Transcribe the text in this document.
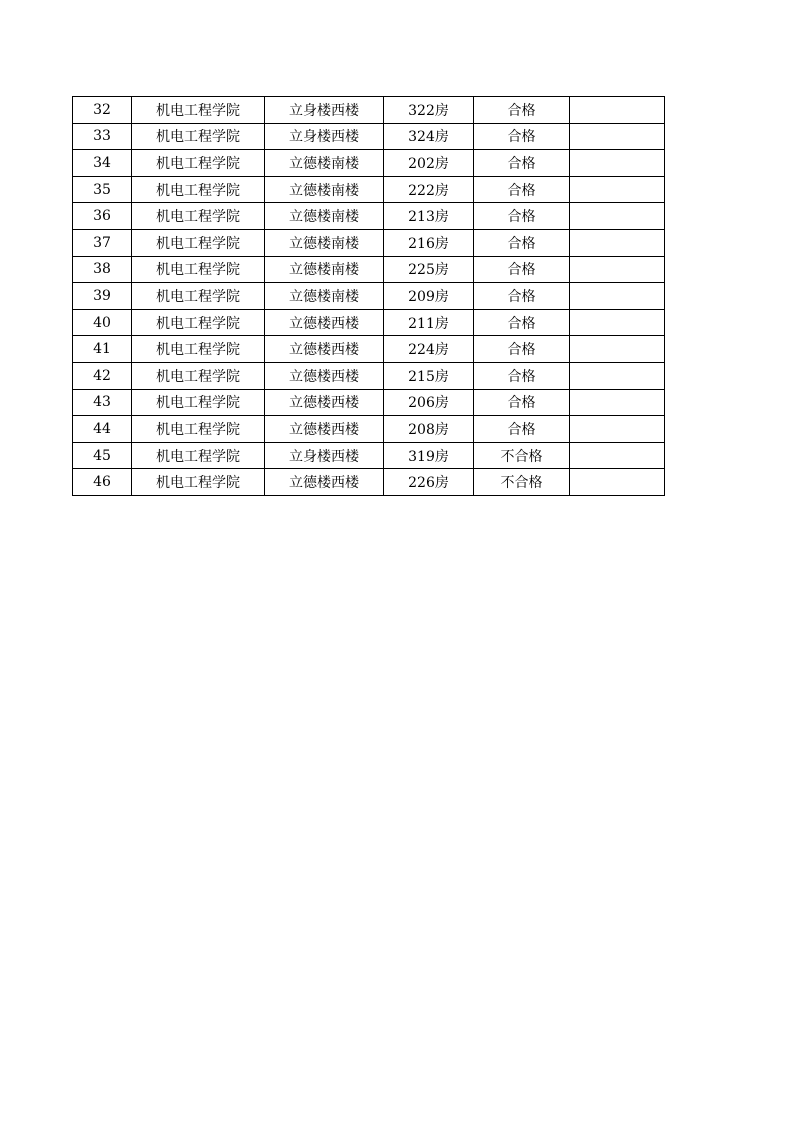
32	机电工程学院	立身楼西楼	322房	合格	
33	机电工程学院	立身楼西楼	324房	合格	
34	机电工程学院	立德楼南楼	202房	合格	
35	机电工程学院	立德楼南楼	222房	合格	
36	机电工程学院	立德楼南楼	213房	合格	
37	机电工程学院	立德楼南楼	216房	合格	
38	机电工程学院	立德楼南楼	225房	合格	
39	机电工程学院	立德楼南楼	209房	合格	
40	机电工程学院	立德楼西楼	211房	合格	
41	机电工程学院	立德楼西楼	224房	合格	
42	机电工程学院	立德楼西楼	215房	合格	
43	机电工程学院	立德楼西楼	206房	合格	
44	机电工程学院	立德楼西楼	208房	合格	
45	机电工程学院	立身楼西楼	319房	不合格	
46	机电工程学院	立德楼西楼	226房	不合格	
